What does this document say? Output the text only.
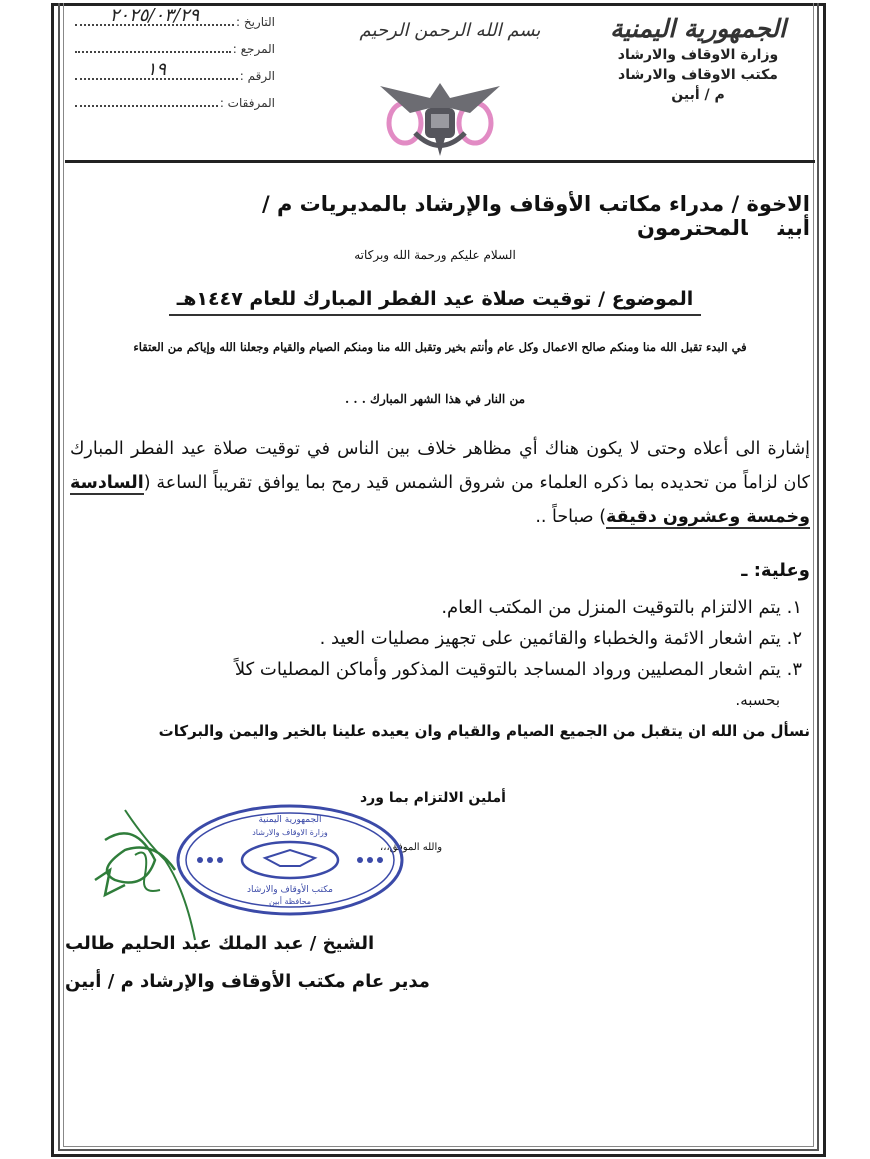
الجمهورية اليمنية
وزارة الاوقاف والارشاد
مكتب الاوقاف والارشاد
م / أبين
بسم الله الرحمن الرحيم
التاريخ :
٢٠٢٥/٠٣/٢٩
المرجع :
الرقم :
١٩
المرفقات :
الاخوة / مدراء مكاتب الأوقاف والإرشاد بالمديريات م / أبينالمحترمون
السلام عليكم ورحمة الله وبركاته
الموضوع / توقيت صلاة عيد الفطر المبارك للعام ١٤٤٧هـ
في البدء تقبل الله منا ومنكم صالح الاعمال وكل عام وأنتم بخير وتقبل الله منا ومنكم الصيام والقيام وجعلنا الله وإياكم من العتقاء
من النار في هذا الشهر المبارك . . .
إشارة الى أعلاه وحتى لا يكون هناك أي مظاهر خلاف بين الناس في توقيت صلاة عيد الفطر المبارك كان لزاماً من تحديده بما ذكره العلماء من شروق الشمس قيد رمح بما يوافق تقريباً الساعة (السادسة وخمسة وعشرون دقيقة) صباحاً ..
وعلية: ـ
١. يتم الالتزام بالتوقيت المنزل من المكتب العام.
٢. يتم اشعار الائمة والخطباء والقائمين على تجهيز مصليات العيد .
٣. يتم اشعار المصليين ورواد المساجد بالتوقيت المذكور وأماكن المصليات كلاً
بحسبه.
نسأل من الله ان يتقبل من الجميع الصيام والقيام وان يعيده علينا بالخير واليمن والبركات
أملين الالتزام بما ورد
والله الموفق،،،
الجمهورية اليمنية
وزارة الاوقاف والارشاد
مكتب الأوقاف والارشاد
محافظة أبين
الشيخ / عبد الملك عبد الحليم طالب
مدير عام مكتب الأوقاف والإرشاد م / أبين
